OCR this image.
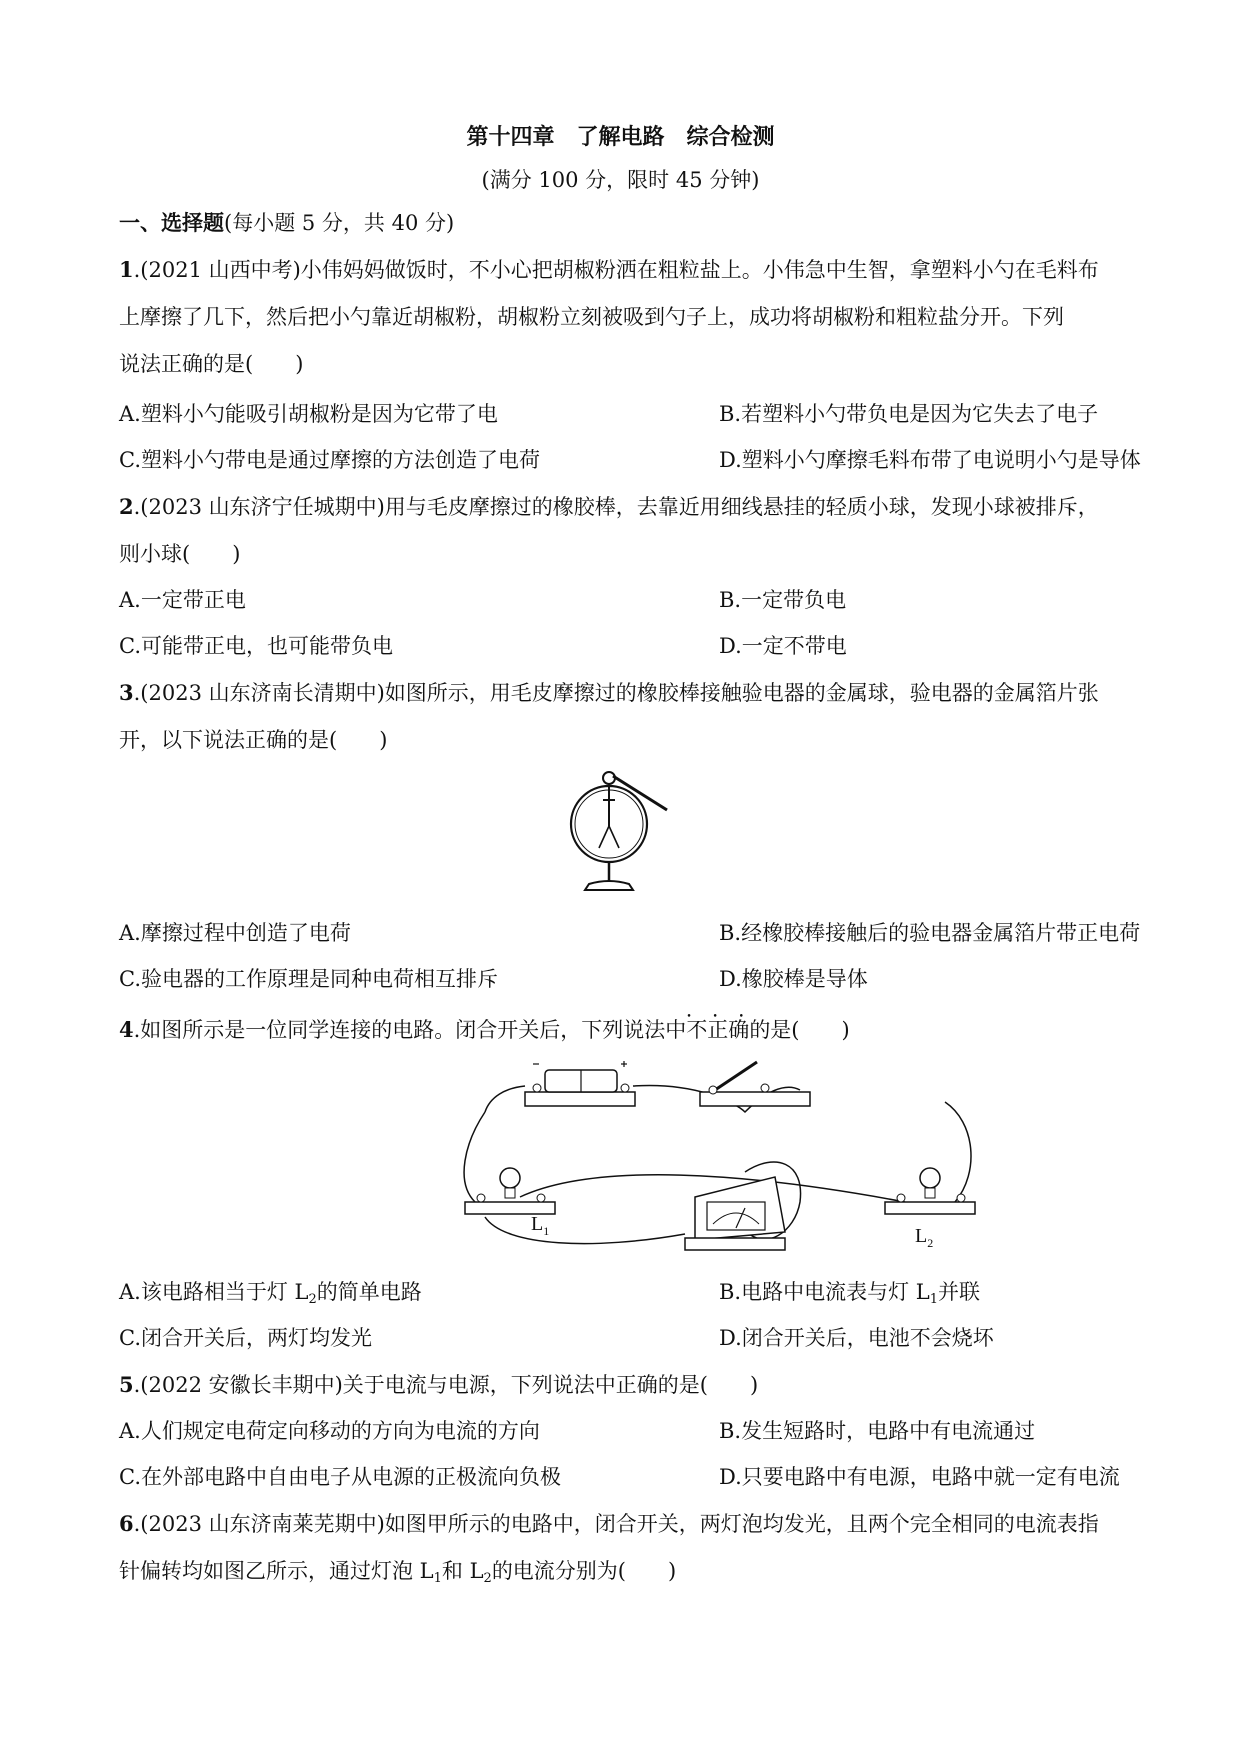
第十四章　了解电路　综合检测
(满分 100 分，限时 45 分钟)
一、选择题(每小题 5 分，共 40 分)
1.(2021 山西中考)小伟妈妈做饭时，不小心把胡椒粉洒在粗粒盐上。小伟急中生智，拿塑料小勺在毛料布
上摩擦了几下，然后把小勺靠近胡椒粉，胡椒粉立刻被吸到勺子上，成功将胡椒粉和粗粒盐分开。下列
说法正确的是(　　)
A.塑料小勺能吸引胡椒粉是因为它带了电	B.若塑料小勺带负电是因为它失去了电子
C.塑料小勺带电是通过摩擦的方法创造了电荷	D.塑料小勺摩擦毛料布带了电说明小勺是导体
2.(2023 山东济宁任城期中)用与毛皮摩擦过的橡胶棒，去靠近用细线悬挂的轻质小球，发现小球被排斥，
则小球(　　)
A.一定带正电	B.一定带负电
C.可能带正电，也可能带负电	D.一定不带电
3.(2023 山东济南长清期中)如图所示，用毛皮摩擦过的橡胶棒接触验电器的金属球，验电器的金属箔片张
开，以下说法正确的是(　　)
A.摩擦过程中创造了电荷	B.经橡胶棒接触后的验电器金属箔片带正电荷
C.验电器的工作原理是同种电荷相互排斥	D.橡胶棒是导体
4.如图所示是一位同学连接的电路。闭合开关后，下列说法中不正确 • • •的是(　　)
$L_1$	$L_2$
A.该电路相当于灯 $L_2$的简单电路	B.电路中电流表与灯 $L_1$并联
C.闭合开关后，两灯均发光	D.闭合开关后，电池不会烧坏
5.(2022 安徽长丰期中)关于电流与电源，下列说法中正确的是(　　)
A.人们规定电荷定向移动的方向为电流的方向	B.发生短路时，电路中有电流通过
C.在外部电路中自由电子从电源的正极流向负极	D.只要电路中有电源，电路中就一定有电流
6.(2023 山东济南莱芜期中)如图甲所示的电路中，闭合开关，两灯泡均发光，且两个完全相同的电流表指
针偏转均如图乙所示，通过灯泡 $L_1$和 $L_2$的电流分别为(　　)
